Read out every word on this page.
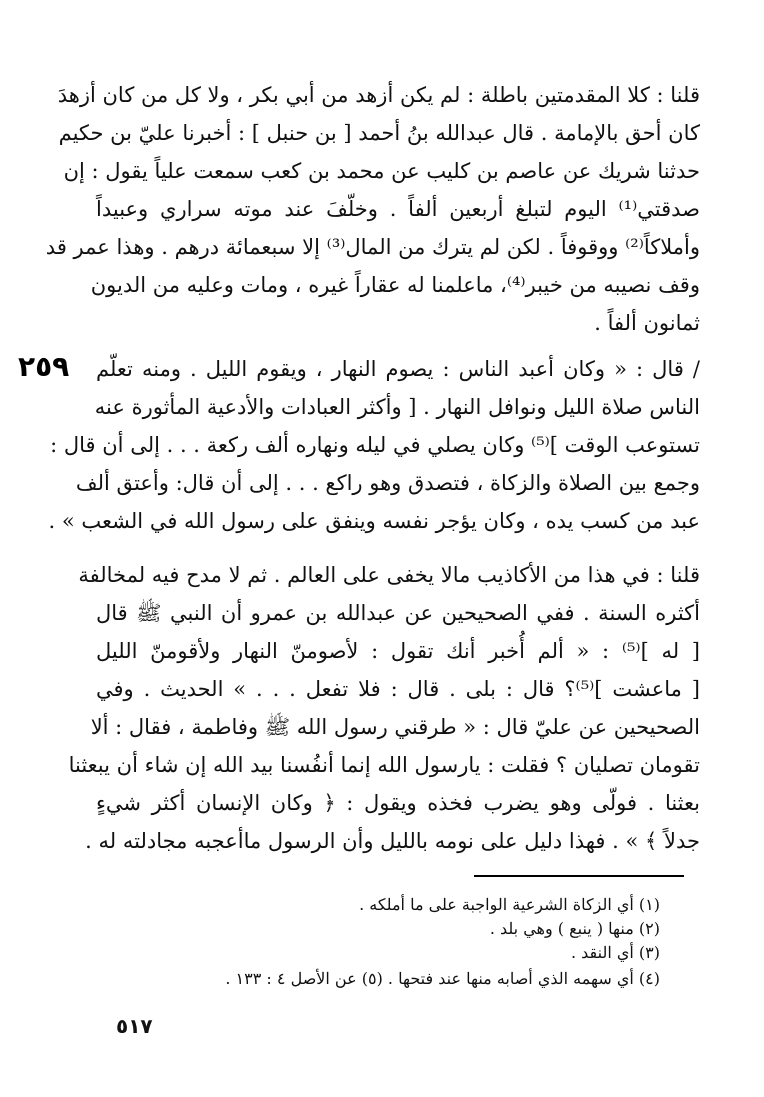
٢٥٩
قلنا : كلا المقدمتين باطلة : لم يكن أزهد من أبي بكر ، ولا كل من كان أزهدَ
كان أحق بالإمامة . قال عبدالله بنُ أحمد [ بن حنبل ] : أخبرنا عليّ بن حكيم
حدثنا شريك عن عاصم بن كليب عن محمد بن كعب سمعت علياً يقول : إن
صدقتي⁽¹⁾ اليوم لتبلغ أربعين ألفاً . وخلّفَ عند موته سراري وعبيداً
وأملاكاً⁽²⁾ ووقوفاً . لكن لم يترك من المال⁽³⁾ إلا سبعمائة درهم . وهذا عمر قد
وقف نصيبه من خيبر⁽⁴⁾، ماعلمنا له عقاراً غيره ، ومات وعليه من الديون
ثمانون ألفاً .
/ قال : « وكان أعبد الناس : يصوم النهار ، ويقوم الليل . ومنه تعلّم
الناس صلاة الليل ونوافل النهار . [ وأكثر العبادات والأدعية المأثورة عنه
تستوعب الوقت ]⁽⁵⁾ وكان يصلي في ليله ونهاره ألف ركعة . . . إلى أن قال :
وجمع بين الصلاة والزكاة ، فتصدق وهو راكع . . . إلى أن قال: وأعتق ألف
عبد من كسب يده ، وكان يؤجر نفسه وينفق على رسول الله في الشعب » .
قلنا : في هذا من الأكاذيب مالا يخفى على العالم . ثم لا مدح فيه لمخالفة
أكثره السنة . ففي الصحيحين عن عبدالله بن عمرو أن النبي ﷺ قال
[ له ]⁽⁵⁾ : « ألم أُخبر أنك تقول : لأصومنّ النهار ولأقومنّ الليل
[ ماعشت ]⁽⁵⁾؟ قال : بلى . قال : فلا تفعل . . . » الحديث . وفي
الصحيحين عن عليّ قال : « طرقني رسول الله ﷺ وفاطمة ، فقال : ألا
تقومان تصليان ؟ فقلت : يارسول الله إنما أنفُسنا بيد الله إن شاء أن يبعثنا
بعثنا . فولّى وهو يضرب فخذه ويقول : ﴿ وكان الإنسان أكثر شيءٍ
جدلاً ﴾ » . فهذا دليل على نومه بالليل وأن الرسول ماأعجبه مجادلته له .
(١) أي الزكاة الشرعية الواجبة على ما أملكه .
(٢) منها ( ينبع ) وهي بلد .
(٣) أي النقد .
(٤) أي سهمه الذي أصابه منها عند فتحها . (٥) عن الأصل ٤ : ١٣٣ .
٥١٧
